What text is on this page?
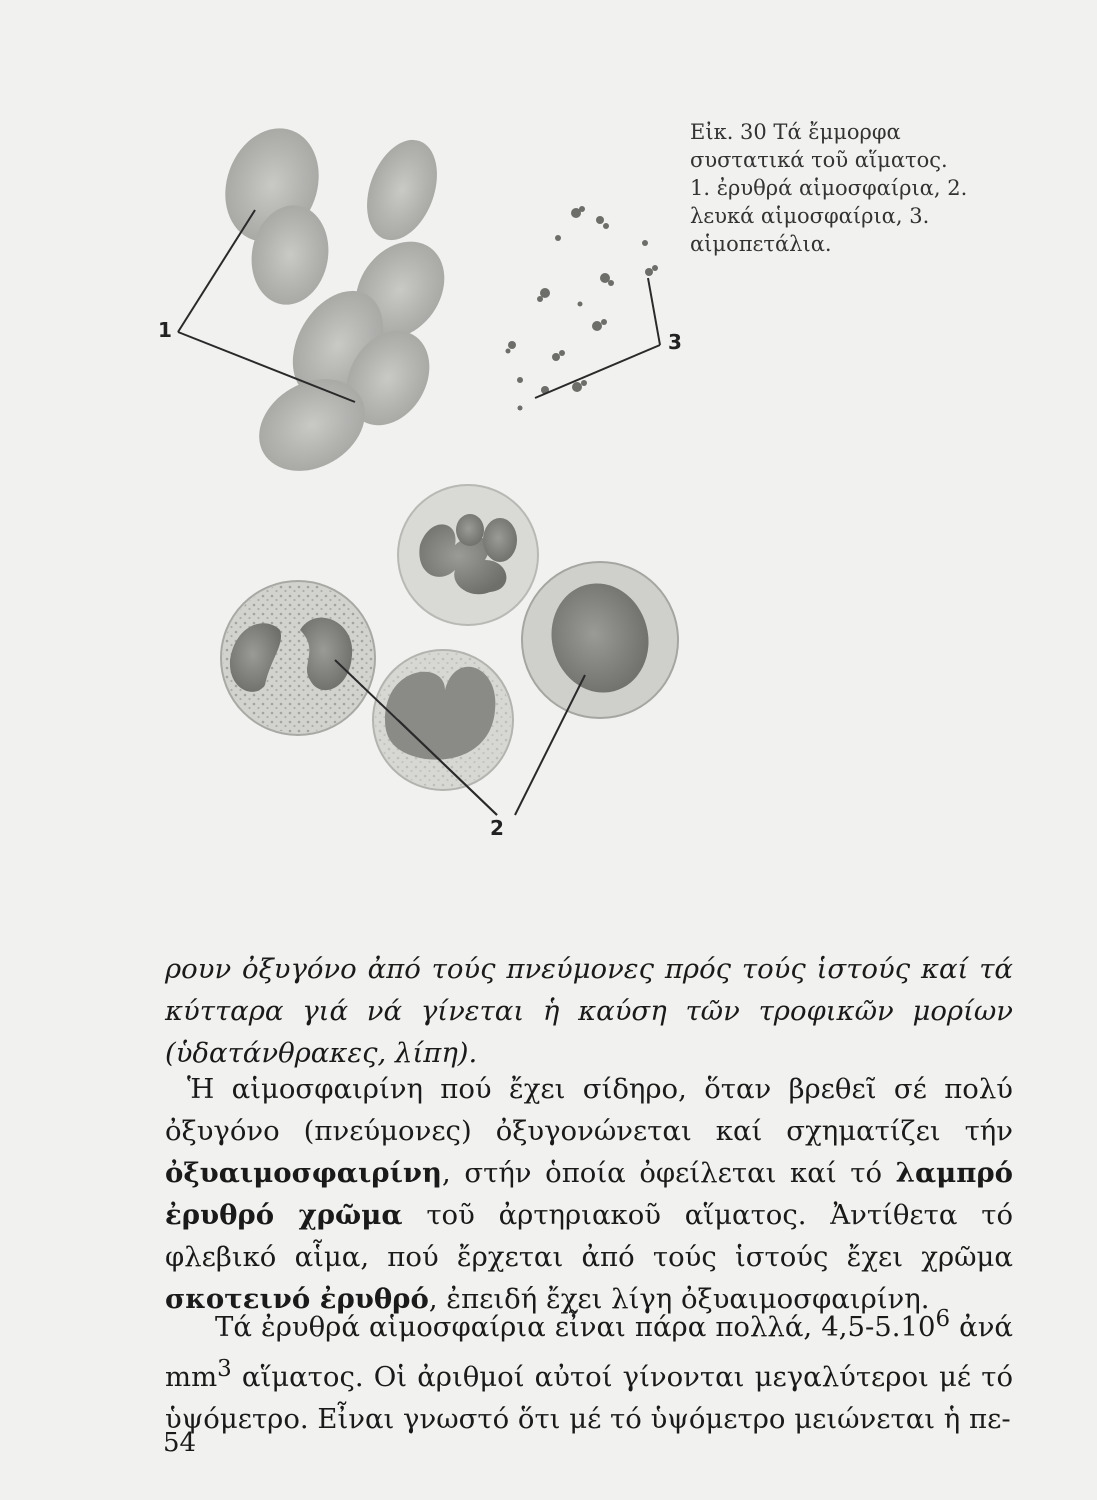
1	3
2

Εἰκ. 30 Τά ἔμμορφα συστατικά τοῦ αἵματος.

1. ἐρυθρά αἱμοσφαίρια, 2. λευκά αἱμοσφαίρια, 3. αἱμοπετάλια.

ρουν ὀξυγόνο ἀπό τούς πνεύμονες πρός τούς ἱστούς καί τά κύτταρα γιά νά γίνεται ἡ καύση τῶν τροφικῶν μορίων (ὑδατάνθρακες, λίπη).

Ἡ αἱμοσφαιρίνη πού ἔχει σίδηρο, ὅταν βρεθεῖ σέ πολύ ὀξυγόνο (πνεύμονες) ὀξυγονώνεται καί σχηματίζει τήν ὀξυαιμοσφαιρίνη, στήν ὁποία ὀφείλεται καί τό λαμπρό ἐρυθρό χρῶμα τοῦ ἀρτηριακοῦ αἵματος. Ἀντίθετα τό φλεβικό αἷμα, πού ἔρχεται ἀπό τούς ἱστούς ἔχει χρῶμα σκοτεινό ἐρυθρό, ἐπειδή ἔχει λίγη ὀξυαιμοσφαιρίνη.

Τά ἐρυθρά αἱμοσφαίρια εἶναι πάρα πολλά, 4,5-5.10$^6$ ἀνά $mm^3$ αἵματος. Οἱ ἀριθμοί αὐτοί γίνονται μεγαλύτεροι μέ τό ὑψόμετρο. Εἶναι γνωστό ὅτι μέ τό ὑψόμετρο μειώνεται ἡ πε-

54
